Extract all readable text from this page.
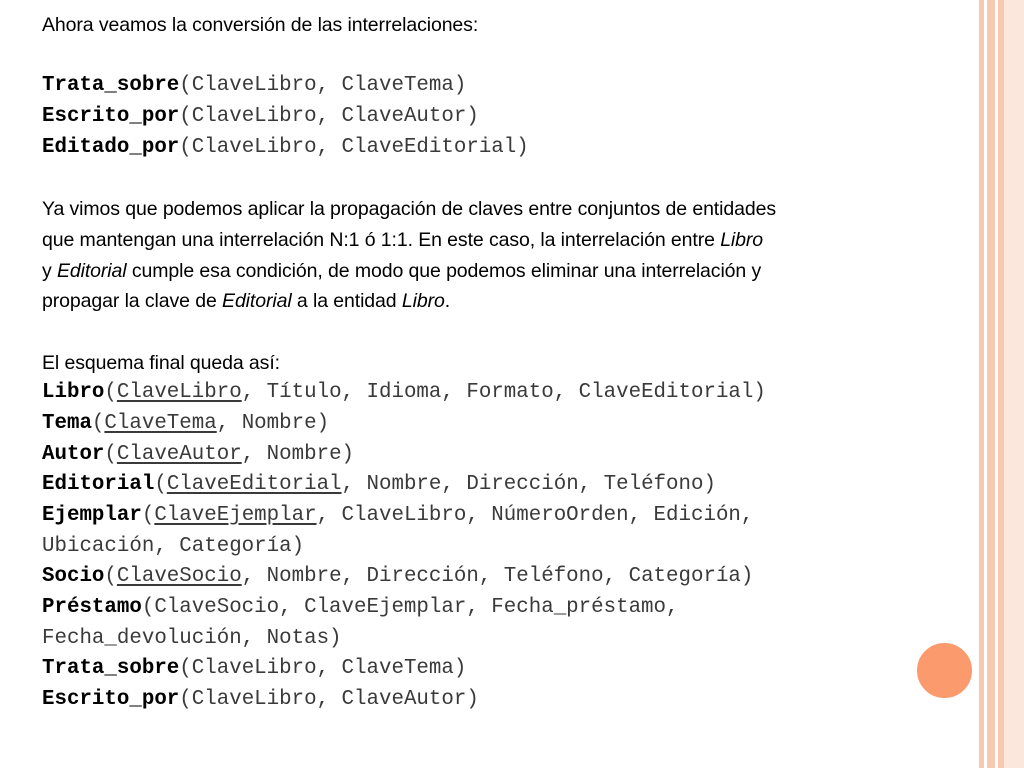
Ahora veamos la conversión de las interrelaciones:
Trata_sobre(ClaveLibro, ClaveTema)
Escrito_por(ClaveLibro, ClaveAutor)
Editado_por(ClaveLibro, ClaveEditorial)
Ya vimos que podemos aplicar la propagación de claves entre conjuntos de entidades
que mantengan una interrelación N:1 ó 1:1. En este caso, la interrelación entre Libro
y Editorial cumple esa condición, de modo que podemos eliminar una interrelación y
propagar la clave de Editorial a la entidad Libro.
El esquema final queda así:
Libro(ClaveLibro, Título, Idioma, Formato, ClaveEditorial)
Tema(ClaveTema, Nombre)
Autor(ClaveAutor, Nombre)
Editorial(ClaveEditorial, Nombre, Dirección, Teléfono)
Ejemplar(ClaveEjemplar, ClaveLibro, NúmeroOrden, Edición,
Ubicación, Categoría)
Socio(ClaveSocio, Nombre, Dirección, Teléfono, Categoría)
Préstamo(ClaveSocio, ClaveEjemplar, Fecha_préstamo,
Fecha_devolución, Notas)
Trata_sobre(ClaveLibro, ClaveTema)
Escrito_por(ClaveLibro, ClaveAutor)
